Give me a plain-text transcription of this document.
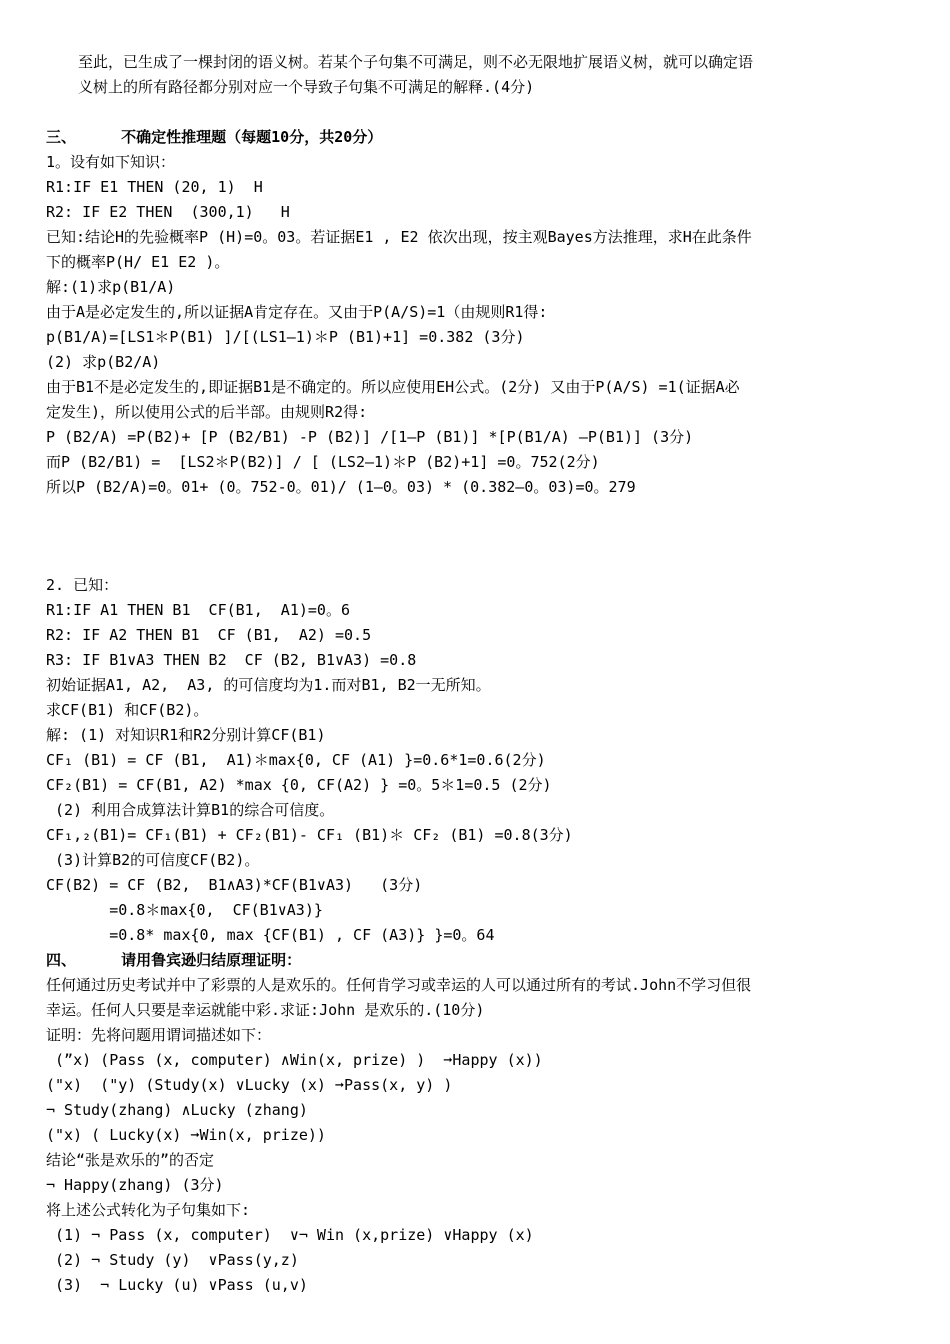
至此，已生成了一棵封闭的语义树。若某个子句集不可满足，则不必无限地扩展语义树，就可以确定语
义树上的所有路径都分别对应一个导致子句集不可满足的解释.(4分)
三、     不确定性推理题（每题10分，共20分）
1。设有如下知识：
R1:IF E1 THEN (20, 1)  H
R2: IF E2 THEN  (300,1)   H
已知:结论H的先验概率P (H)=0。03。若证据E1 , E2 依次出现，按主观Bayes方法推理，求H在此条件
下的概率P(H/ E1 E2 )。
解:(1)求p(B1/A)
由于A是必定发生的,所以证据A肯定存在。又由于P(A/S)=1（由规则R1得:
p(B1/A)=[LS1＊P(B1) ]/[(LS1—1)＊P (B1)+1] =0.382 (3分)
(2) 求p(B2/A)
由于B1不是必定发生的,即证据B1是不确定的。所以应使用EH公式。(2分) 又由于P(A/S) =1(证据A必
定发生)，所以使用公式的后半部。由规则R2得:
P (B2/A) =P(B2)+ [P (B2/B1) -P (B2)] /[1—P (B1)] *[P(B1/A) —P(B1)] (3分)
而P (B2/B1) =  [LS2＊P(B2)] / [ (LS2—1)＊P (B2)+1] =0。752(2分)
所以P (B2/A)=0。01+ (0。752-0。01)/ (1—0。03) * (0.382—0。03)=0。279
2. 已知：
R1:IF A1 THEN B1  CF(B1,  A1)=0。6
R2: IF A2 THEN B1  CF (B1,  A2) =0.5
R3: IF B1∨A3 THEN B2  CF (B2, B1∨A3) =0.8
初始证据A1, A2,  A3, 的可信度均为1.而对B1, B2一无所知。
求CF(B1) 和CF(B2)。
解: (1) 对知识R1和R2分别计算CF(B1)
CF₁ (B1) = CF (B1,  A1)＊max{0, CF (A1) }=0.6*1=0.6(2分)
CF₂(B1) = CF(B1, A2) *max {0, CF(A2) } =0。5＊1=0.5 (2分)
(2) 利用合成算法计算B1的综合可信度。
CF₁,₂(B1)= CF₁(B1) + CF₂(B1)- CF₁ (B1)＊ CF₂ (B1) =0.8(3分)
(3)计算B2的可信度CF(B2)。
CF(B2) = CF (B2,  B1∧A3)*CF(B1∨A3)   (3分)
=0.8＊max{0,  CF(B1∨A3)}
=0.8* max{0, max {CF(B1) , CF (A3)} }=0。64
四、     请用鲁宾逊归结原理证明：
任何通过历史考试并中了彩票的人是欢乐的。任何肯学习或幸运的人可以通过所有的考试.John不学习但很
幸运。任何人只要是幸运就能中彩.求证:John 是欢乐的.(10分)
证明：先将问题用谓词描述如下：
(”x) (Pass (x, computer) ∧Win(x, prize) )  ➞Happy (x))
("x)  ("y) (Study(x) ∨Lucky (x) ➞Pass(x, y) )
¬ Study(zhang) ∧Lucky (zhang)
("x) ( Lucky(x) ➞Win(x, prize))
结论“张是欢乐的”的否定
¬ Happy(zhang) (3分)
将上述公式转化为子句集如下:
(1) ¬ Pass (x, computer)  ∨¬ Win (x,prize) ∨Happy (x)
(2) ¬ Study (y)  ∨Pass(y,z)
(3)  ¬ Lucky (u) ∨Pass (u,v)
